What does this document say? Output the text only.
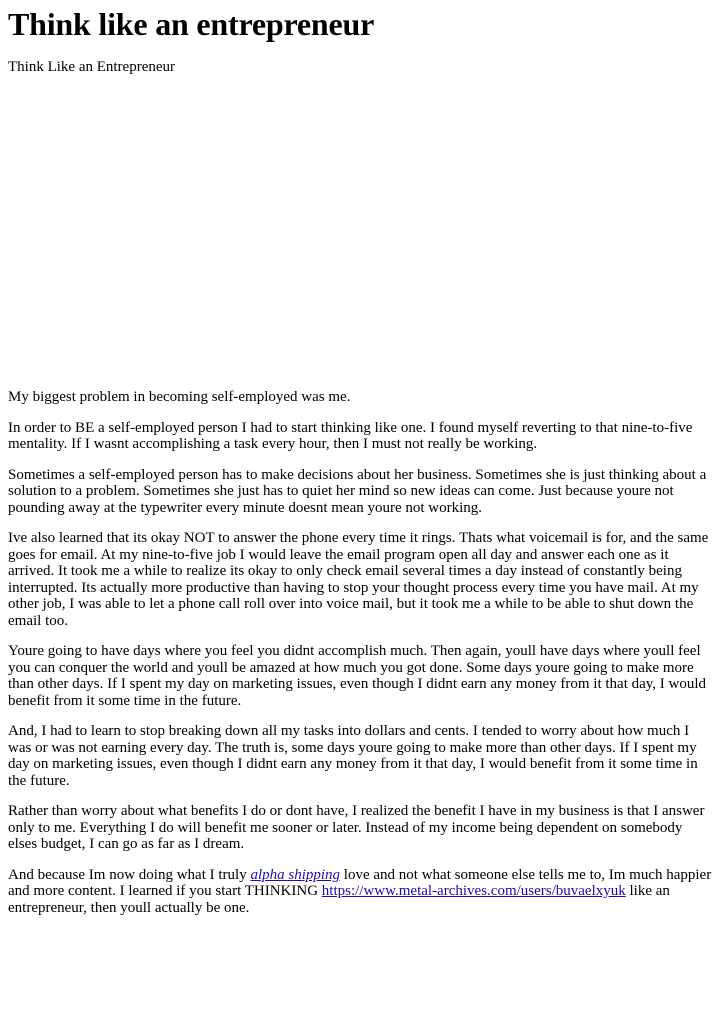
Think like an entrepreneur
Think Like an Entrepreneur

My biggest problem in becoming self-employed was me.

In order to BE a self-employed person I had to start thinking like one. I found myself reverting to that nine-to-five mentality. If I wasnt accomplishing a task every hour, then I must not really be working.

Sometimes a self-employed person has to make decisions about her business. Sometimes she is just thinking about a solution to a problem. Sometimes she just has to quiet her mind so new ideas can come. Just because youre not pounding away at the typewriter every minute doesnt mean youre not working.

Ive also learned that its okay NOT to answer the phone every time it rings. Thats what voicemail is for, and the same goes for email. At my nine-to-five job I would leave the email program open all day and answer each one as it arrived. It took me a while to realize its okay to only check email several times a day instead of constantly being interrupted. Its actually more productive than having to stop your thought process every time you have mail. At my other job, I was able to let a phone call roll over into voice mail, but it took me a while to be able to shut down the email too.

Youre going to have days where you feel you didnt accomplish much. Then again, youll have days where youll feel you can conquer the world and youll be amazed at how much you got done. Some days youre going to make more than other days. If I spent my day on marketing issues, even though I didnt earn any money from it that day, I would benefit from it some time in the future.

And, I had to learn to stop breaking down all my tasks into dollars and cents. I tended to worry about how much I was or was not earning every day. The truth is, some days youre going to make more than other days. If I spent my day on marketing issues, even though I didnt earn any money from it that day, I would benefit from it some time in the future.

Rather than worry about what benefits I do or dont have, I realized the benefit I have in my business is that I answer only to me. Everything I do will benefit me sooner or later. Instead of my income being dependent on somebody elses budget, I can go as far as I dream.

And because Im now doing what I truly alpha shipping love and not what someone else tells me to, Im much happier and more content. I learned if you start THINKING https://www.metal-archives.com/users/buvaelxyuk like an entrepreneur, then youll actually be one.
